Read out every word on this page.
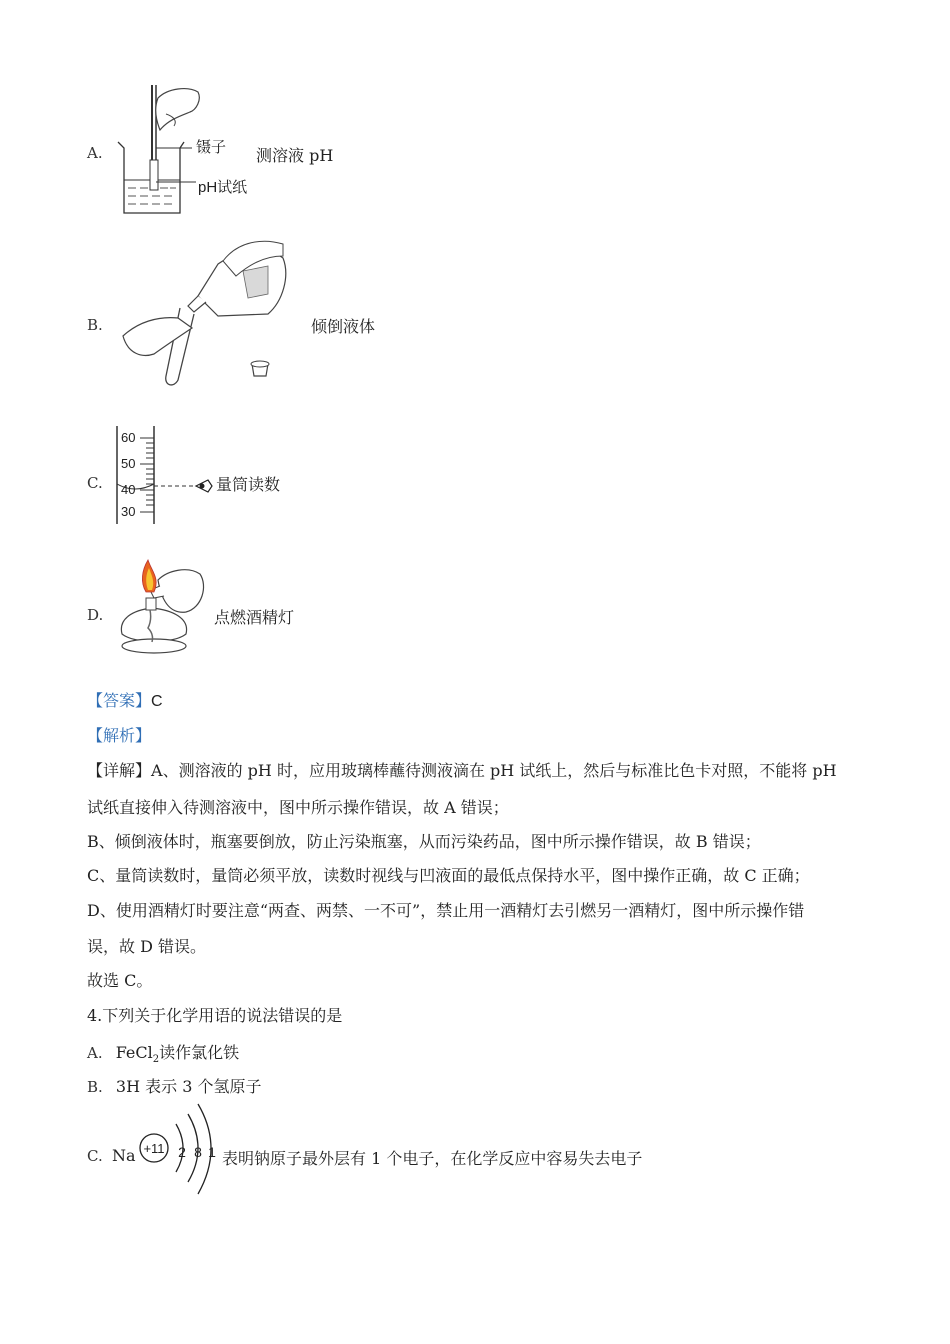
A.	镊子
pH试纸
测溶液 pH
B.	倾倒液体
C.
60
50
40
30
量筒读数
D.	点燃酒精灯
【答案】C
【解析】
【详解】A、测溶液的 pH 时，应用玻璃棒蘸待测液滴在 pH 试纸上，然后与标准比色卡对照，不能将 pH
试纸直接伸入待测溶液中，图中所示操作错误，故 A 错误；
B、倾倒液体时，瓶塞要倒放，防止污染瓶塞，从而污染药品，图中所示操作错误，故 B 错误；
C、量筒读数时，量筒必须平放，读数时视线与凹液面的最低点保持水平，图中操作正确，故 C 正确；
D、使用酒精灯时要注意“两查、两禁、一不可”，禁止用一酒精灯去引燃另一酒精灯，图中所示操作错
误，故 D 错误。
故选 C。
4.下列关于化学用语的说法错误的是
A. FeCl$_2$读作氯化铁
B. 3H 表示 3 个氢原子
C. Na +11 2 8 1 表明钠原子最外层有 1 个电子，在化学反应中容易失去电子
